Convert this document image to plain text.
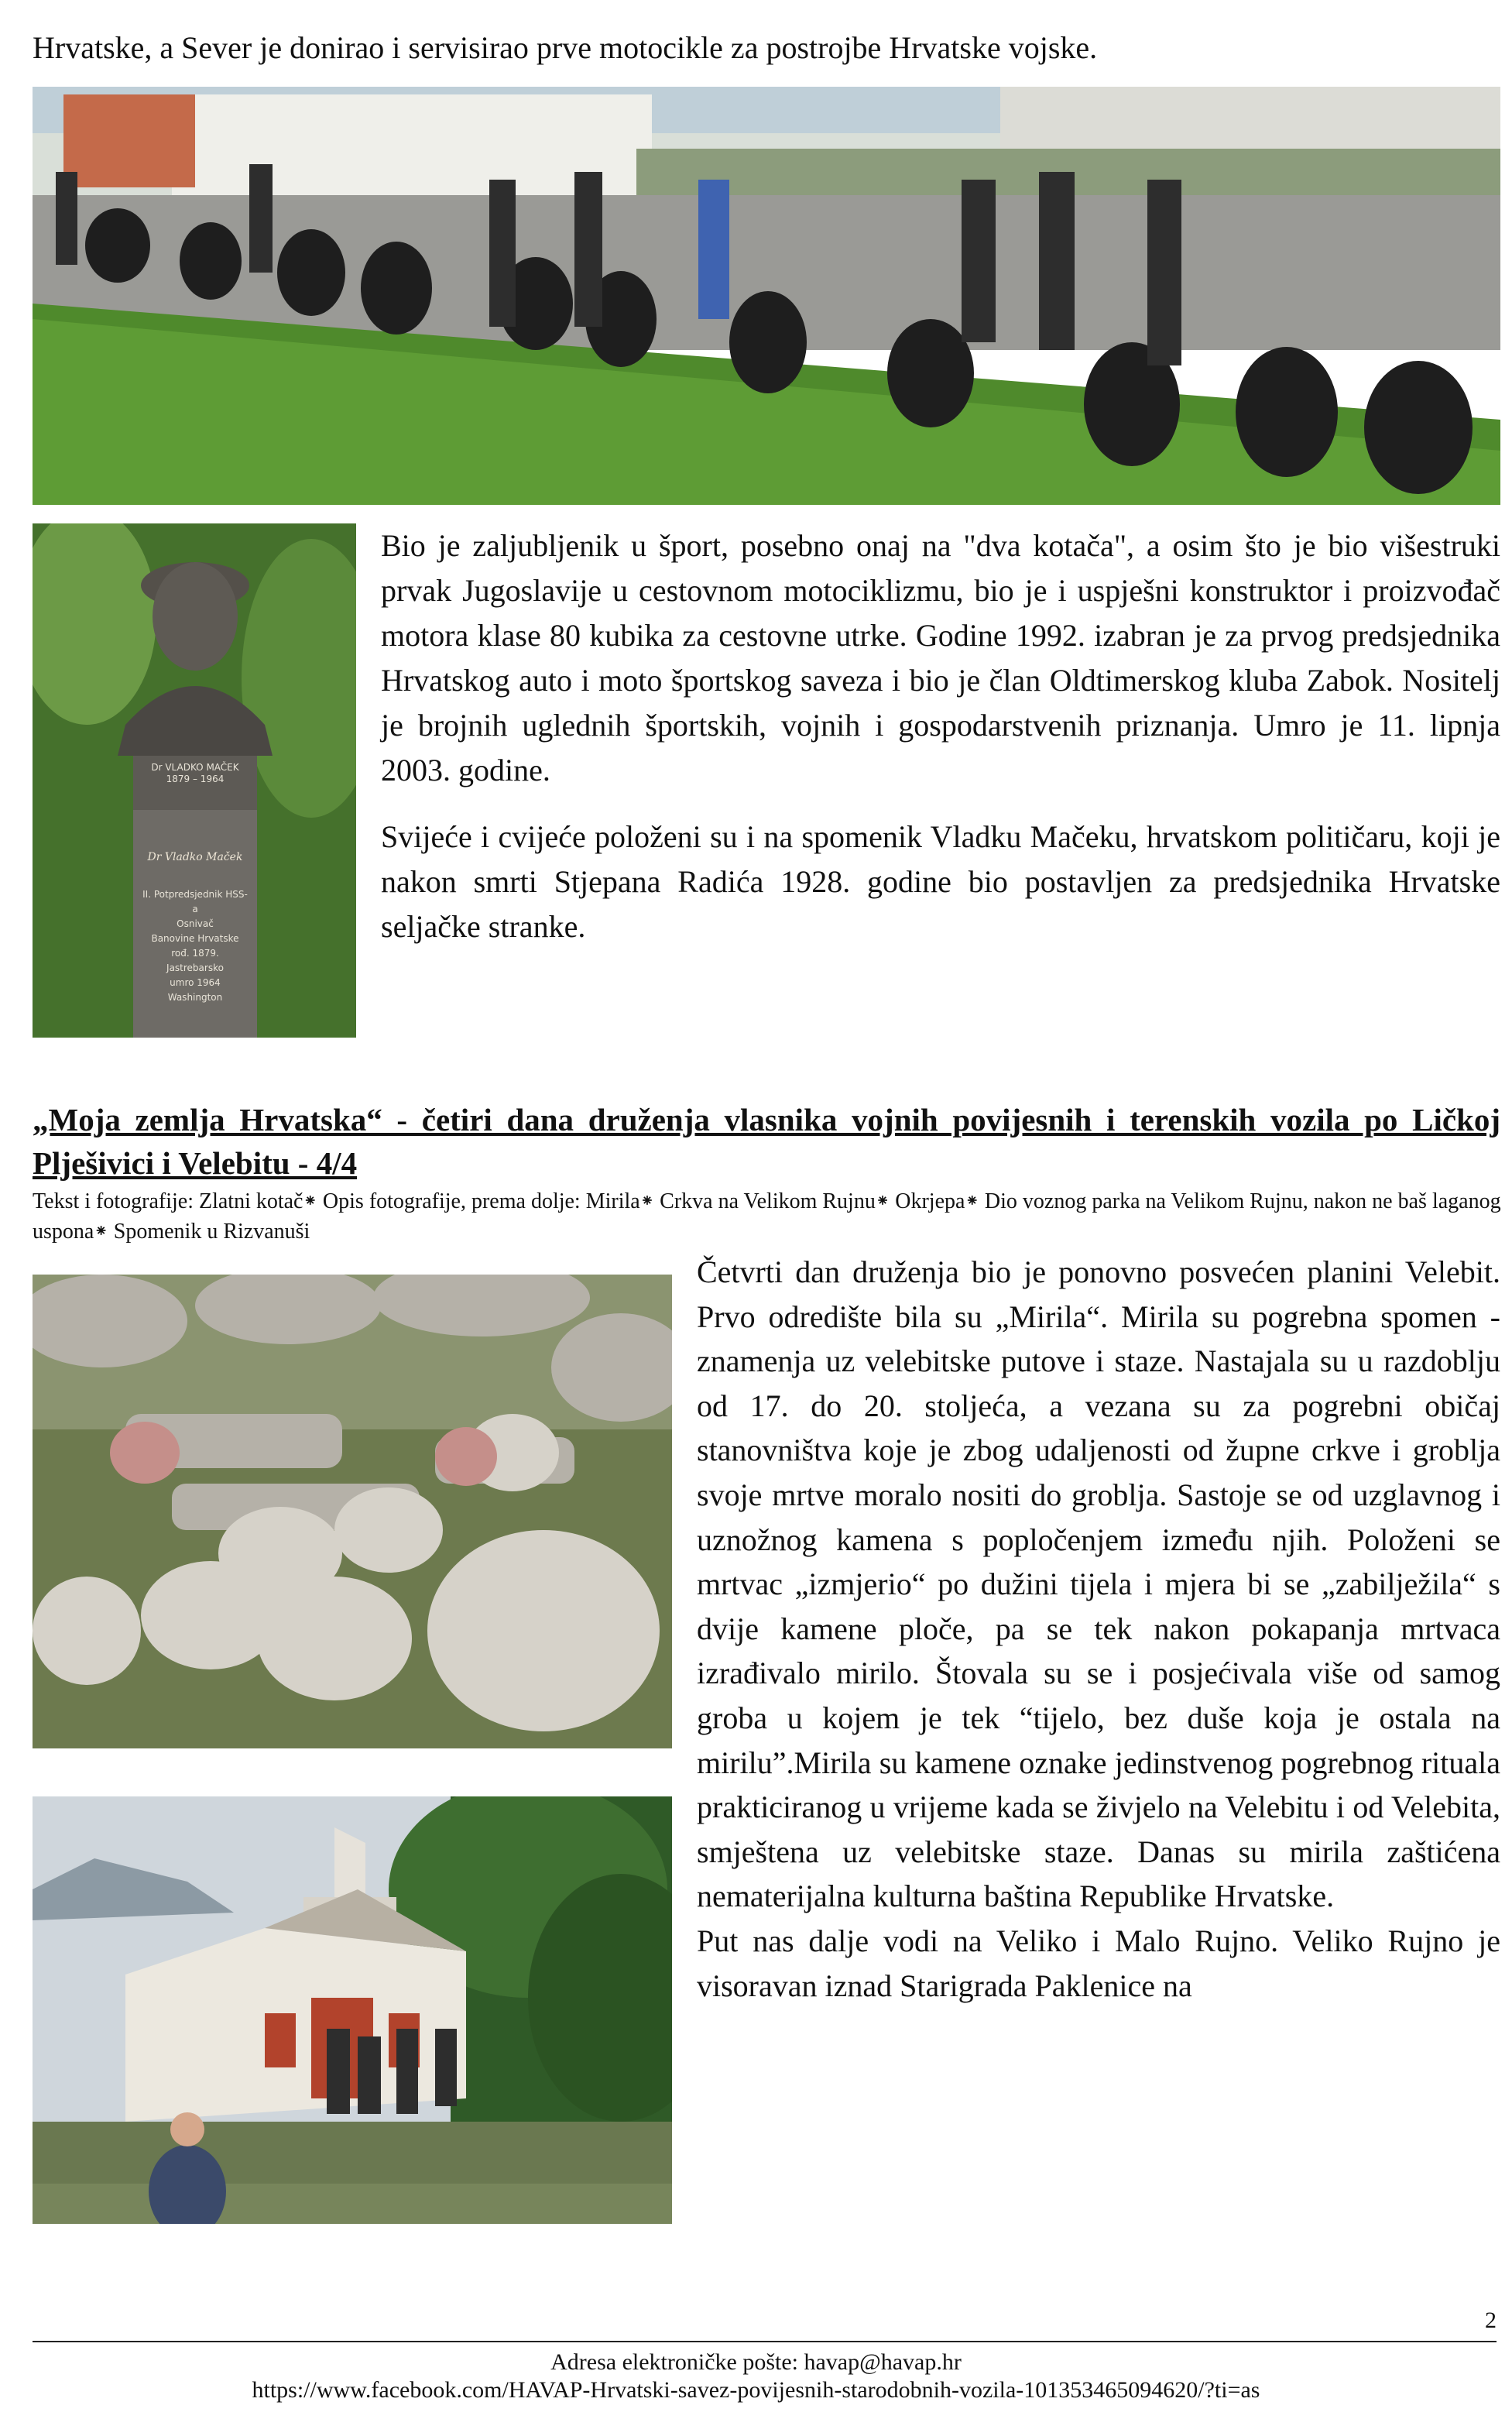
Hrvatske, a Sever je donirao i servisirao prve motocikle za postrojbe Hrvatske vojske.
Dr VLADKO MAČEK
1879 – 1964
Dr Vladko Maček
II. Potpredsjednik HSS-a
Osnivač
Banovine Hrvatske
rođ. 1879.
Jastrebarsko
umro 1964
Washington

Bio je zaljubljenik u šport, posebno onaj na "dva kotača", a osim što je bio višestruki prvak Jugoslavije u cestovnom motociklizmu, bio je i uspješni konstruktor i proizvođač motora klase 80 kubika za cestovne utrke. Godine 1992. izabran je za prvog predsjednika Hrvatskog auto i moto športskog saveza i bio je član Oldtimerskog kluba Zabok. Nositelj je brojnih uglednih športskih, vojnih i gospodarstvenih priznanja. Umro je 11. lipnja 2003. godine.

Svijeće i cvijeće položeni su i na spomenik Vladku Mačeku, hrvatskom političaru, koji je nakon smrti Stjepana Radića 1928. godine bio postavljen za predsjednika Hrvatske seljačke stranke.

„Moja zemlja Hrvatska“ - četiri dana druženja vlasnika vojnih povijesnih i terenskih vozila po Ličkoj Plješivici i Velebitu - 4/4
Tekst i fotografije: Zlatni kotač⁕ Opis fotografije, prema dolje: Mirila⁕ Crkva na Velikom Rujnu⁕ Okrjepa⁕ Dio voznog parka na Velikom Rujnu, nakon ne baš laganog uspona⁕ Spomenik u Rizvanuši

Četvrti dan druženja bio je ponovno posvećen planini Velebit. Prvo odredište bila su „Mirila“. Mirila su pogrebna spomen - znamenja uz velebitske putove i staze. Nastajala su u razdoblju od 17. do 20. stoljeća, a vezana su za pogrebni običaj stanovništva koje je zbog udaljenosti od župne crkve i groblja svoje mrtve moralo nositi do groblja. Sastoje se od uzglavnog i uznožnog kamena s popločenjem između njih. Položeni se mrtvac „izmjerio“ po dužini tijela i mjera bi se „zabilježila“ s dvije kamene ploče, pa se tek nakon pokapanja mrtvaca izrađivalo mirilo. Štovala su se i posjećivala više od samog groba u kojem je tek “tijelo, bez duše koja je ostala na mirilu”.Mirila su kamene oznake jedinstvenog pogrebnog rituala prakticiranog u vrijeme kada se živjelo na Velebitu i od Velebita, smještena uz velebitske staze. Danas su mirila zaštićena nematerijalna kulturna baština Republike Hrvatske.

Put nas dalje vodi na Veliko i Malo Rujno. Veliko Rujno je visoravan iznad Starigrada Paklenice na

2
Adresa elektroničke pošte: havap@havap.hr
https://www.facebook.com/HAVAP-Hrvatski-savez-povijesnih-starodobnih-vozila-101353465094620/?ti=as
